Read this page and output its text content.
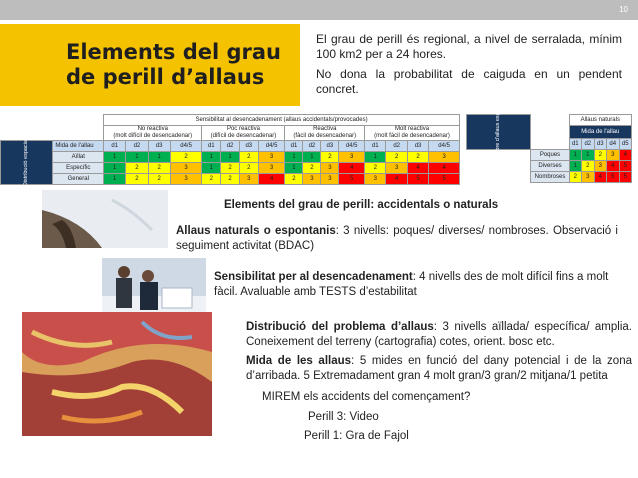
10
Elements del grau de perill d’allaus

El grau de perill és regional, a nivel de serralada, mínim 100 km2 per a 24 hores.

No dona la probabilitat de caiguda en un pendent concret.

		Sensibilitat al desencadenament (allaus accidentals/provocades)															
		No reactiva
(molt difícil de desencadenar)				Poc reactiva
(difícil de desencadenar)				Reactiva
(fàcil de desencadenar)				Molt reactiva
(molt fàcil de desencadenar)			
Distribució espacial	Mida de l'allau	d1	d2	d3	d4/5	d1	d2	d3	d4/5	d1	d2	d3	d4/5	d1	d2	d3	d4/5
	Aïllat	1	1	1	2	1	1	2	3	1	1	2	3	1	2	2	3
	Específic	1	2	2	3	1	2	2	3	1	2	3	4	2	3	4	4
	General	1	2	2	3	2	2	3	4	2	3	3	5	3	4	5	5
Nombre d'allaus esperat		Allaus naturals				
		Mida de l'allau				
		d1	d2	d3	d4	d5
	Poques	1	1	2	3	4
	Diverses	1	2	3	4	5
	Nombroses	2	3	4	5	5
Elements del grau de perill: accidentals o naturals
Allaus naturals o espontanis: 3 nivells: poques/ diverses/ nombroses. Observació i seguiment activitat (BDAC)
Sensibilitat per al desencadenament: 4 nivells des de molt difícil fins a molt fàcil. Avaluable amb TESTS d’estabilitat
Distribució del problema d’allaus: 3 nivells aïllada/ específica/ amplia. Coneixement del terreny (cartografia) cotes, orient. bosc etc.
Mida de les allaus: 5 mides en funció del dany potencial i de la zona d’arribada. 5 Extremadament gran 4 molt gran/3 gran/2 mitjana/1 petita
MIREM els accidents del començament?
Perill 3: Video
Perill 1: Gra de Fajol
